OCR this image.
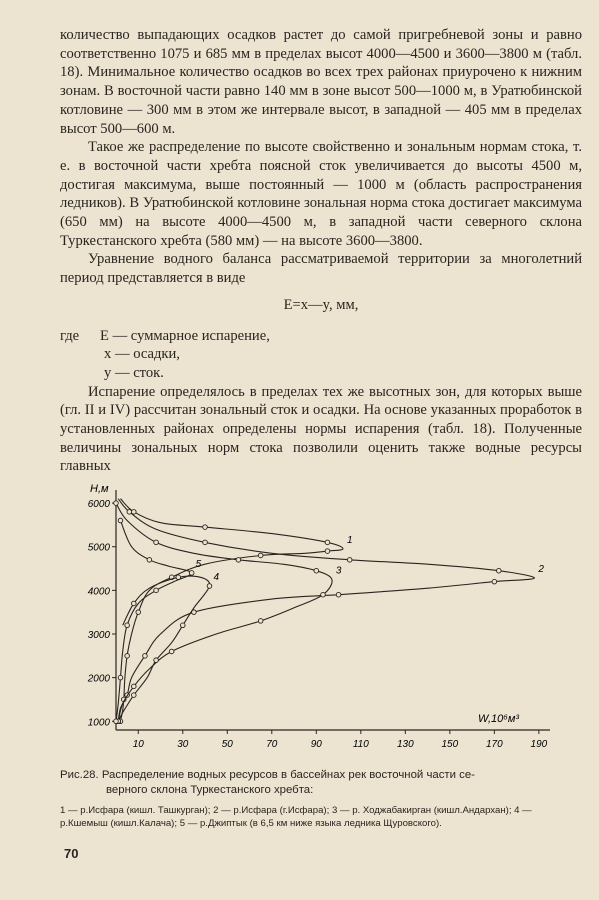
количество выпадающих осадков растет до самой пригребневой зоны и равно соответственно 1075 и 685 мм в пределах высот 4000—4500 и 3600—3800 м (табл. 18). Минимальное количество осадков во всех трех районах приурочено к нижним зонам. В восточной части равно 140 мм в зоне высот 500—1000 м, в Уратюбинской котловине — 300 мм в этом же интервале высот, в западной — 405 мм в пределах высот 500—600 м.

Такое же распределение по высоте свойственно и зональным нормам стока, т. е. в восточной части хребта поясной сток увеличивается до высоты 4500 м, достигая максимума, выше постоянный — 1000 м (область распространения ледников). В Уратюбинской котловине зональная норма стока достигает максимума (650 мм) на высоте 4000—4500 м, в западной части северного склона Туркестанского хребта (580 мм) — на высоте 3600—3800.

Уравнение водного баланса рассматриваемой территории за многолетний период представляется в виде

E=x—y, мм,
где	E — суммарное испарение,
x — осадки,
y — сток.

Испарение определялось в пределах тех же высотных зон, для которых выше (гл. II и IV) рассчитан зональный сток и осадки. На основе указанных проработок в установленных районах определены нормы испарения (табл. 18). Полученные величины зональных норм стока позволили оценить также водные ресурсы главных

H,м
W,10⁶м³
1000
2000
3000
4000
5000
6000
10	30	50	70	90	110	130	150	170	190
1
2
3
4
5

Рис.28. Распределение водных ресурсов в бассейнах рек восточной части се-
верного склона Туркестанского хребта:

1 — р.Исфара (кишл. Ташкурган); 2 — р.Исфара (г.Исфара); 3 — р. Ходжабакирган (кишл.Андархан); 4 — р.Кшемыш (кишл.Калача); 5 — р.Джиптык (в 6,5 км ниже языка ледника Щуровского).

70
